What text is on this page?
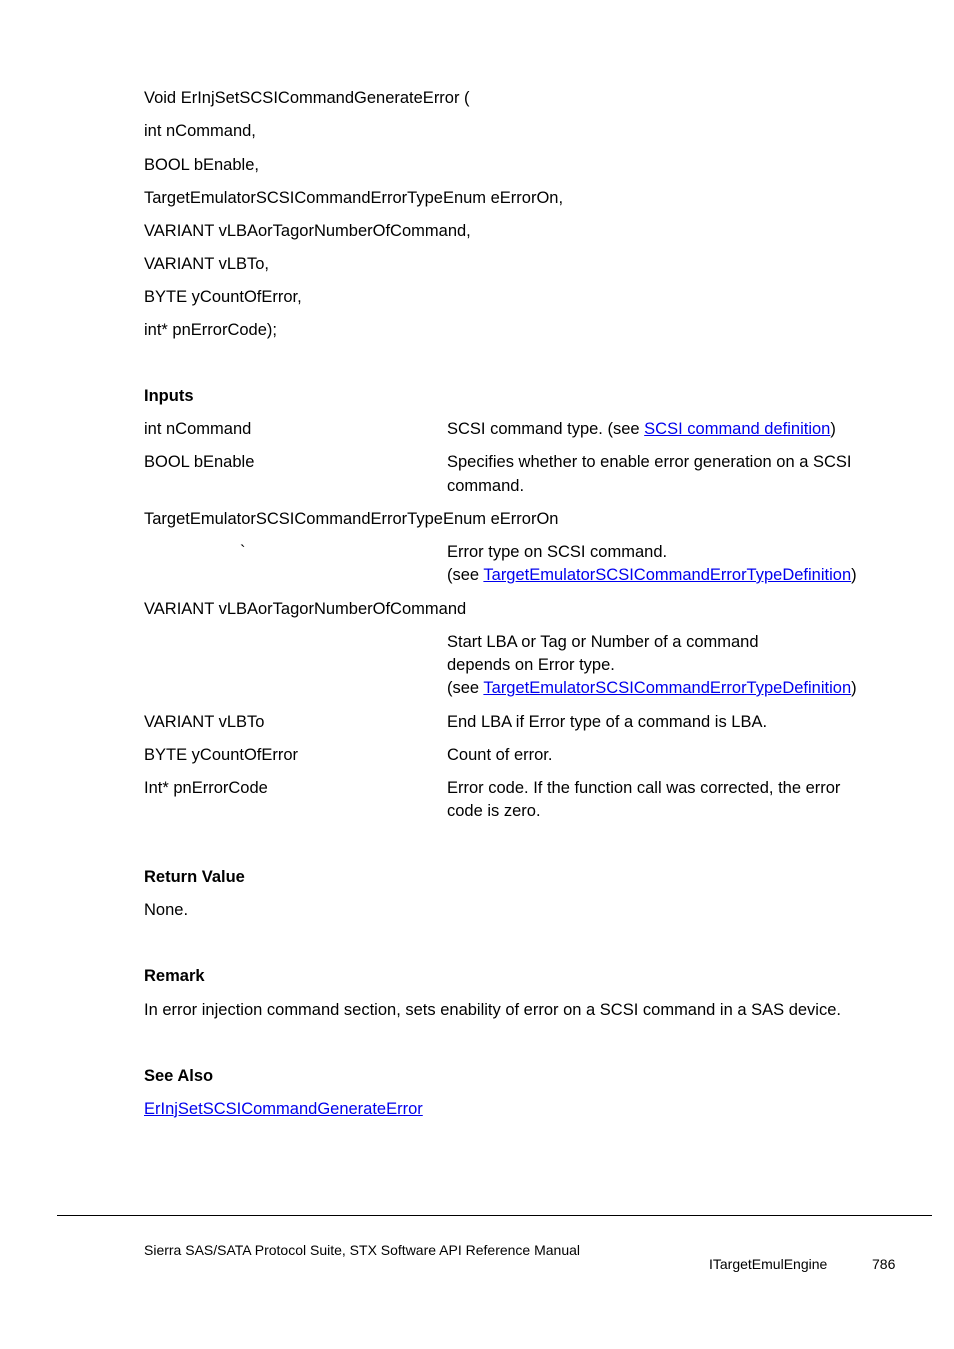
Void ErInjSetSCSICommandGenerateError (
int nCommand,
BOOL bEnable,
TargetEmulatorSCSICommandErrorTypeEnum eErrorOn,
VARIANT vLBAorTagorNumberOfCommand,
VARIANT vLBTo,
BYTE yCountOfError,
int* pnErrorCode);
Inputs
int nCommand	SCSI command type. (see SCSI command definition)
BOOL bEnable	Specifies whether to enable error generation on a SCSI
command.
TargetEmulatorSCSICommandErrorTypeEnum eErrorOn
`	Error type on SCSI command.
(see TargetEmulatorSCSICommandErrorTypeDefinition)
VARIANT vLBAorTagorNumberOfCommand
Start LBA or Tag or Number of a command
depends on Error type.
(see TargetEmulatorSCSICommandErrorTypeDefinition)
VARIANT vLBTo	End LBA if Error type of a command is LBA.
BYTE yCountOfError	Count of error.
Int* pnErrorCode	Error code. If the function call was corrected, the error
code is zero.
Return Value
None.
Remark
In error injection command section, sets enability of error on a SCSI command in a SAS device.
See Also
ErInjSetSCSICommandGenerateError
Sierra SAS/SATA Protocol Suite, STX Software API Reference Manual
ITargetEmulEngine	786
